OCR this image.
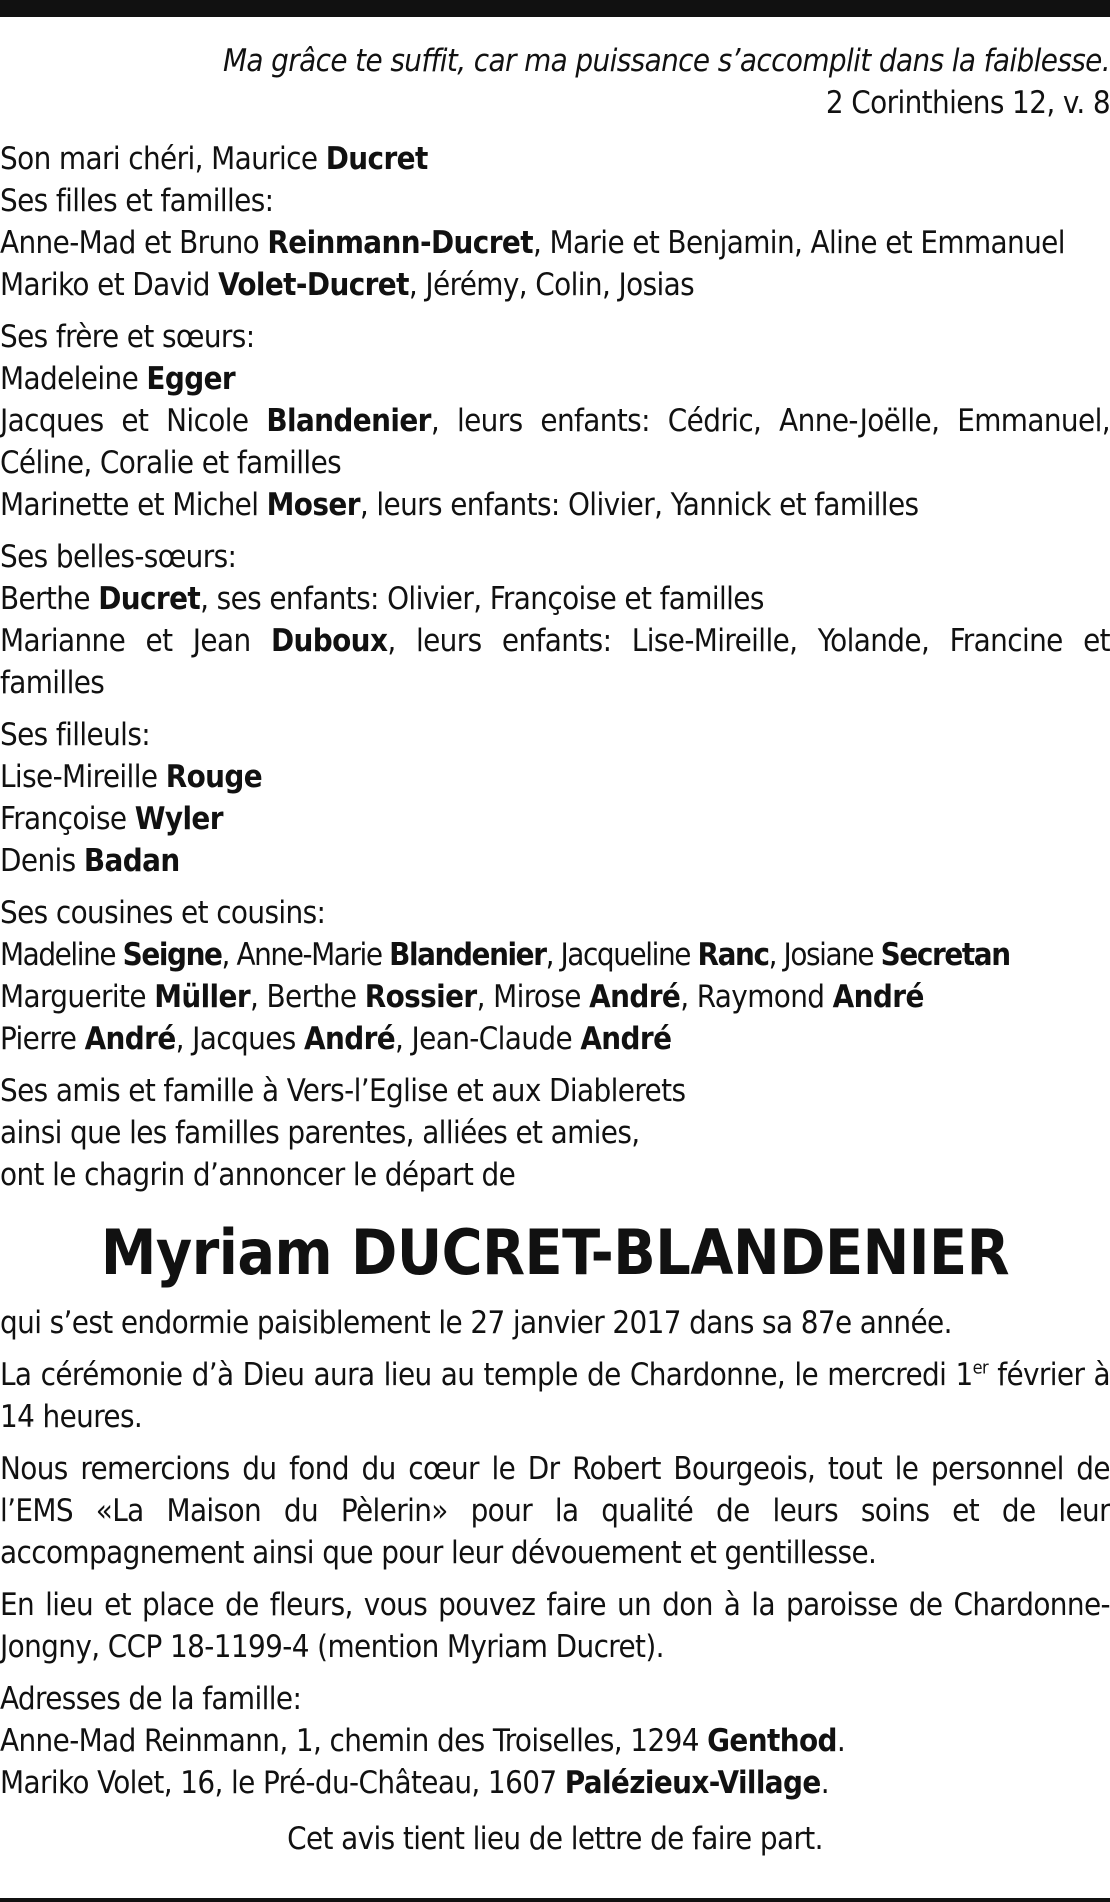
Ma grâce te suffit, car ma puissance s’accomplit dans la faiblesse.
2 Corinthiens 12, v. 8
Son mari chéri, Maurice Ducret
Ses filles et familles:
Anne-Mad et Bruno Reinmann-Ducret, Marie et Benjamin, Aline et Emmanuel
Mariko et David Volet-Ducret, Jérémy, Colin, Josias
Ses frère et sœurs:
Madeleine Egger
Jacques et Nicole Blandenier, leurs enfants: Cédric, Anne-Joëlle, Emmanuel, Céline, Coralie et familles
Marinette et Michel Moser, leurs enfants: Olivier, Yannick et familles
Ses belles-sœurs:
Berthe Ducret, ses enfants: Olivier, Françoise et familles
Marianne et Jean Duboux, leurs enfants: Lise-Mireille, Yolande, Francine et familles
Ses filleuls:
Lise-Mireille Rouge
Françoise Wyler
Denis Badan
Ses cousines et cousins:
Madeline Seigne, Anne-Marie Blandenier, Jacqueline Ranc, Josiane Secretan
Marguerite Müller, Berthe Rossier, Mirose André, Raymond André
Pierre André, Jacques André, Jean-Claude André
Ses amis et famille à Vers-l’Eglise et aux Diablerets
ainsi que les familles parentes, alliées et amies,
ont le chagrin d’annoncer le départ de
Myriam DUCRET-BLANDENIER
qui s’est endormie paisiblement le 27 janvier 2017 dans sa 87e année.
La cérémonie d’à Dieu aura lieu au temple de Chardonne, le mercredi 1er février à 14 heures.
Nous remercions du fond du cœur le Dr Robert Bourgeois, tout le personnel de l’EMS «La Maison du Pèlerin» pour la qualité de leurs soins et de leur accompagnement ainsi que pour leur dévouement et gentillesse.
En lieu et place de fleurs, vous pouvez faire un don à la paroisse de Chardonne-Jongny, CCP 18-1199-4 (mention Myriam Ducret).
Adresses de la famille:
Anne-Mad Reinmann, 1, chemin des Troiselles, 1294 Genthod.
Mariko Volet, 16, le Pré-du-Château, 1607 Palézieux-Village.
Cet avis tient lieu de lettre de faire part.
